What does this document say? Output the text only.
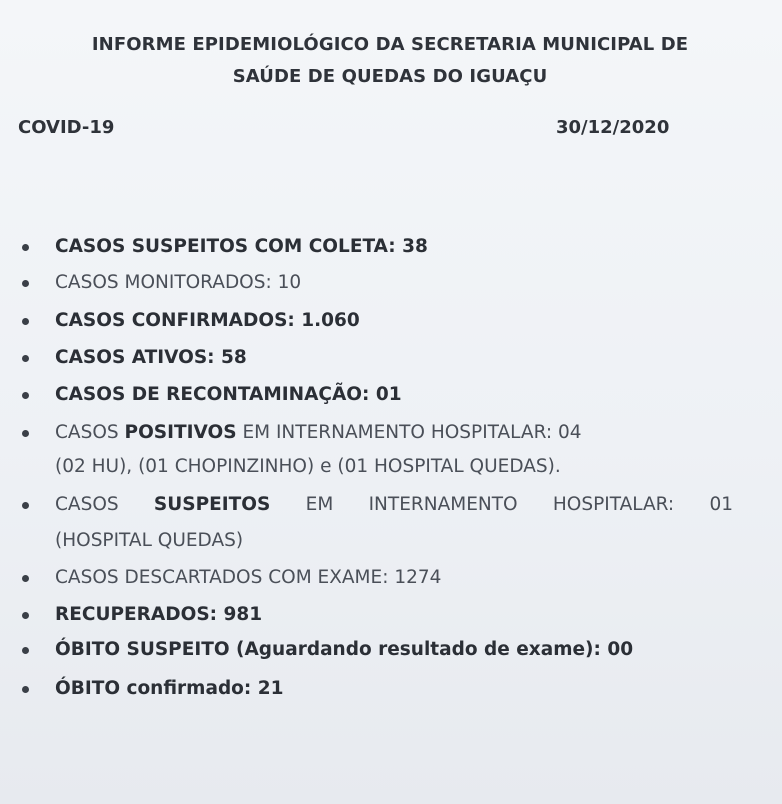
INFORME EPIDEMIOLÓGICO DA SECRETARIA MUNICIPAL DE
SAÚDE DE QUEDAS DO IGUAÇU
COVID-19	30/12/2020
CASOS SUSPEITOS COM COLETA: 38
CASOS MONITORADOS: 10
CASOS CONFIRMADOS: 1.060
CASOS ATIVOS: 58
CASOS DE RECONTAMINAÇÃO: 01
CASOS POSITIVOS EM INTERNAMENTO HOSPITALAR: 04
(02 HU), (01 CHOPINZINHO) e (01 HOSPITAL QUEDAS).
CASOS SUSPEITOS EM INTERNAMENTO HOSPITALAR: 01
(HOSPITAL QUEDAS)
CASOS DESCARTADOS COM EXAME: 1274
RECUPERADOS: 981
ÓBITO SUSPEITO (Aguardando resultado de exame): 00
ÓBITO confirmado: 21
